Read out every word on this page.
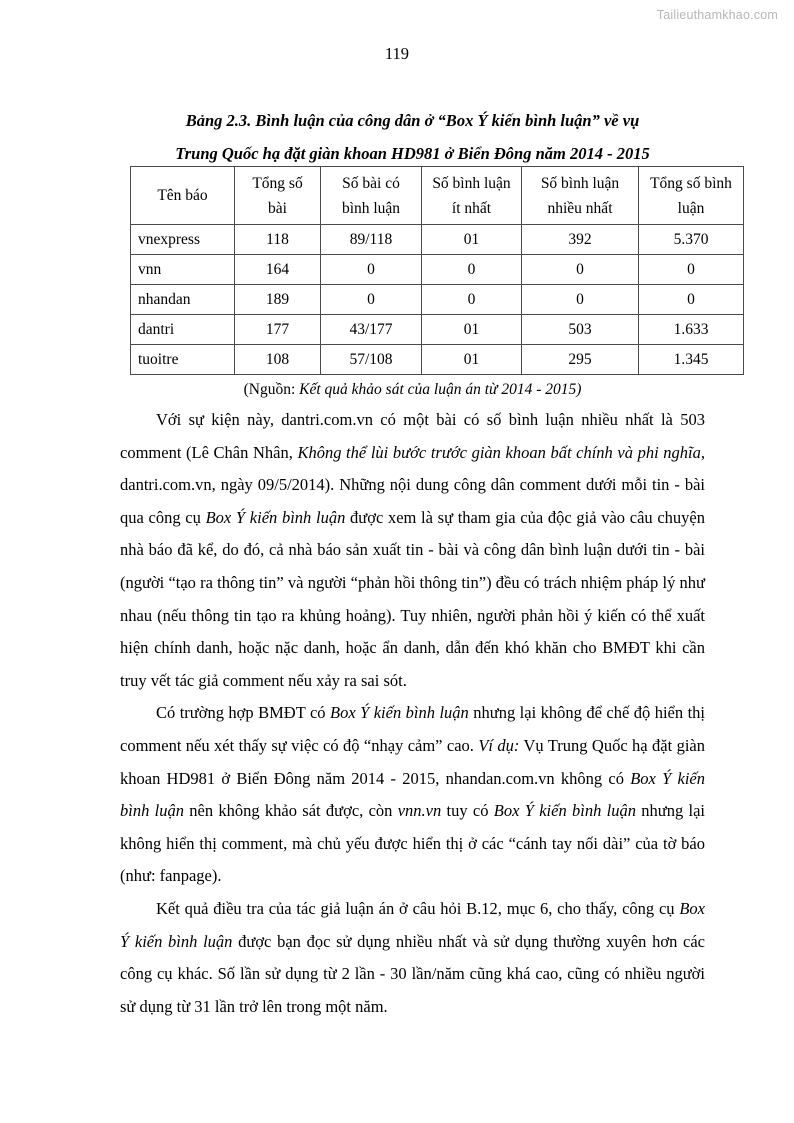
Tailieuthamkhao.com
119
Bảng 2.3. Bình luận của công dân ở “Box Ý kiến bình luận” về vụ
Trung Quốc hạ đặt giàn khoan HD981 ở Biển Đông năm 2014 - 2015
Tên báo	Tổng số bài	Số bài có bình luận	Số bình luận ít nhất	Số bình luận nhiều nhất	Tổng số bình luận
vnexpress	118	89/118	01	392	5.370
vnn	164	0	0	0	0
nhandan	189	0	0	0	0
dantri	177	43/177	01	503	1.633
tuoitre	108	57/108	01	295	1.345
(Nguồn: Kết quả khảo sát của luận án từ 2014 - 2015)

Với sự kiện này, dantri.com.vn có một bài có số bình luận nhiều nhất là 503 comment (Lê Chân Nhân, Không thể lùi bước trước giàn khoan bất chính và phi nghĩa, dantri.com.vn, ngày 09/5/2014). Những nội dung công dân comment dưới mỗi tin - bài qua công cụ Box Ý kiến bình luận được xem là sự tham gia của độc giả vào câu chuyện nhà báo đã kể, do đó, cả nhà báo sản xuất tin - bài và công dân bình luận dưới tin - bài (người “tạo ra thông tin” và người “phản hồi thông tin”) đều có trách nhiệm pháp lý như nhau (nếu thông tin tạo ra khủng hoảng). Tuy nhiên, người phản hồi ý kiến có thể xuất hiện chính danh, hoặc nặc danh, hoặc ẩn danh, dẫn đến khó khăn cho BMĐT khi cần truy vết tác giả comment nếu xảy ra sai sót.

Có trường hợp BMĐT có Box Ý kiến bình luận nhưng lại không để chế độ hiển thị comment nếu xét thấy sự việc có độ “nhạy cảm” cao. Ví dụ: Vụ Trung Quốc hạ đặt giàn khoan HD981 ở Biển Đông năm 2014 - 2015, nhandan.com.vn không có Box Ý kiến bình luận nên không khảo sát được, còn vnn.vn tuy có Box Ý kiến bình luận nhưng lại không hiển thị comment, mà chủ yếu được hiển thị ở các “cánh tay nối dài” của tờ báo (như: fanpage).

Kết quả điều tra của tác giả luận án ở câu hỏi B.12, mục 6, cho thấy, công cụ Box Ý kiến bình luận được bạn đọc sử dụng nhiều nhất và sử dụng thường xuyên hơn các công cụ khác. Số lần sử dụng từ 2 lần - 30 lần/năm cũng khá cao, cũng có nhiều người sử dụng từ 31 lần trở lên trong một năm.
